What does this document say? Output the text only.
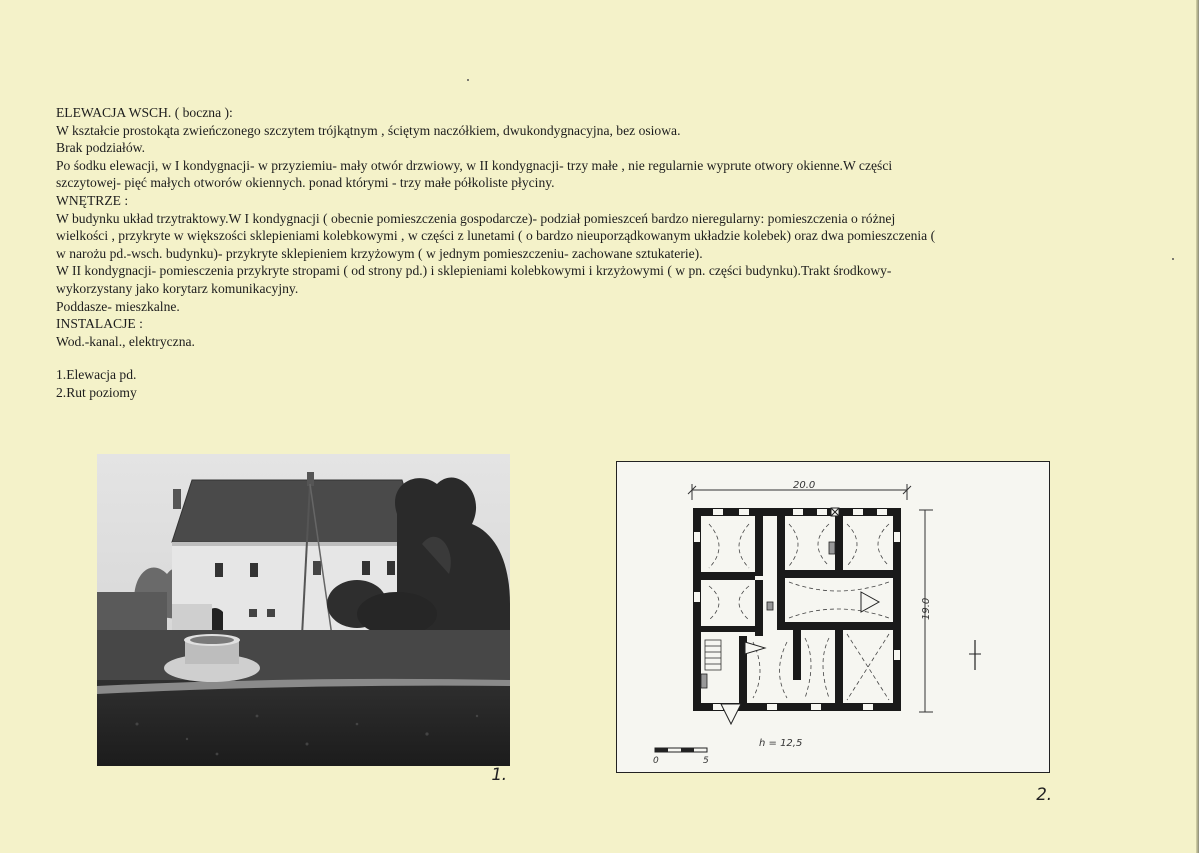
ELEWACJA WSCH. ( boczna ):

W kształcie prostokąta zwieńczonego szczytem trójkątnym , ściętym naczółkiem, dwukondygnacyjna, bez osiowa.

Brak podziałów.

Po śodku elewacji, w I kondygnacji- w przyziemiu- mały otwór drzwiowy, w II kondygnacji- trzy małe , nie regularnie wyprute otwory okienne.W części

szczytowej- pięć małych otworów okiennych. ponad którymi - trzy małe półkoliste płyciny.

WNĘTRZE :

W budynku układ trzytraktowy.W I kondygnacji ( obecnie pomieszczenia gospodarcze)- podział pomieszceń bardzo nieregularny: pomieszczenia o różnej

wielkości , przykryte w większości sklepieniami kolebkowymi , w części z lunetami ( o bardzo nieuporządkowanym układzie kolebek) oraz dwa pomieszczenia (

w narożu pd.-wsch. budynku)- przykryte sklepieniem krzyżowym ( w jednym pomieszczeniu- zachowane sztukaterie).

W II kondygnacji- pomiesczenia przykryte stropami ( od strony pd.) i sklepieniami kolebkowymi i krzyżowymi ( w pn. części budynku).Trakt środkowy-

wykorzystany jako korytarz komunikacyjny.

Poddasze- mieszkalne.

INSTALACJE :

Wod.-kanal., elektryczna.

1.Elewacja pd.

2.Rut poziomy

20.0
19.0
h = 12,5
0	5
1.
2.
